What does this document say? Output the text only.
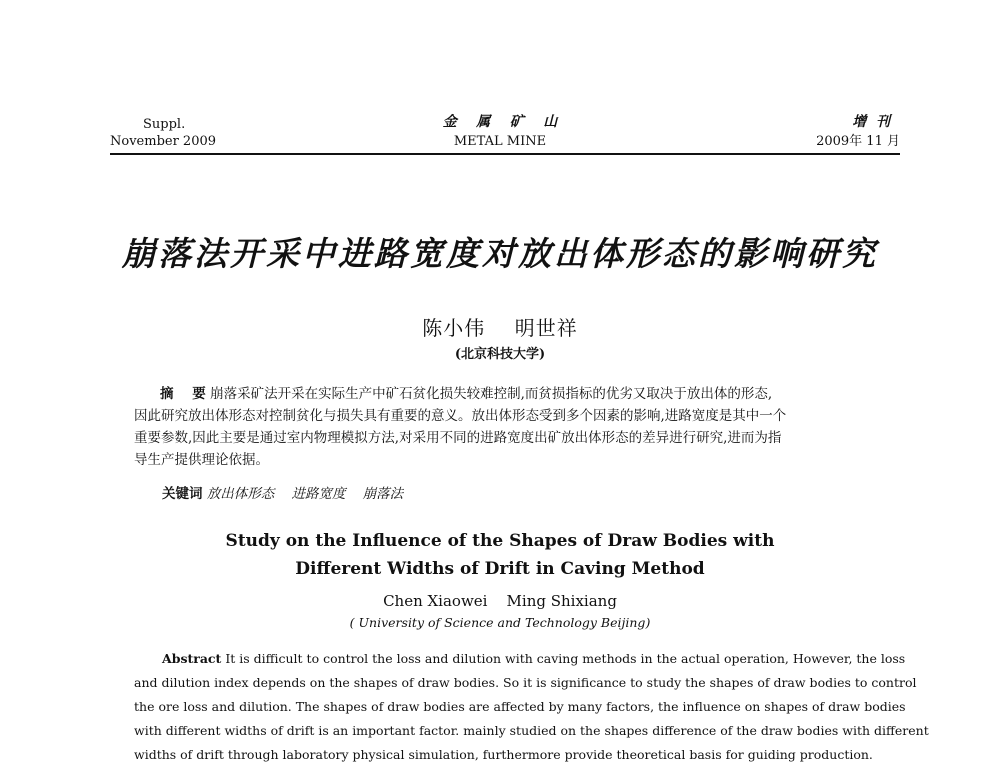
Suppl.
November 2009
金    属    矿    山
METAL MINE
增  刊
2009年 11 月
崩落法开采中进路宽度对放出体形态的影响研究
陈小伟    明世祥
(北京科技大学)
摘    要 崩落采矿法开采在实际生产中矿石贫化损失较难控制,而贫损指标的优劣又取决于放出体的形态,
因此研究放出体形态对控制贫化与损失具有重要的意义。放出体形态受到多个因素的影响,进路宽度是其中一个
重要参数,因此主要是通过室内物理模拟方法,对采用不同的进路宽度出矿放出体形态的差异进行研究,进而为指
导生产提供理论依据。
关键词 放出体形态    进路宽度    崩落法
Study on the Influence of the Shapes of Draw Bodies with
Different Widths of Drift in Caving Method
Chen Xiaowei    Ming Shixiang
( University of Science and Technology Beijing)
Abstract It is difficult to control the loss and dilution with caving methods in the actual operation, However, the loss
and dilution index depends on the shapes of draw bodies. So it is significance to study the shapes of draw bodies to control
the ore loss and dilution. The shapes of draw bodies are affected by many factors, the influence on shapes of draw bodies
with different widths of drift is an important factor. mainly studied on the shapes difference of the draw bodies with different
widths of drift through laboratory physical simulation, furthermore provide theoretical basis for guiding production.
